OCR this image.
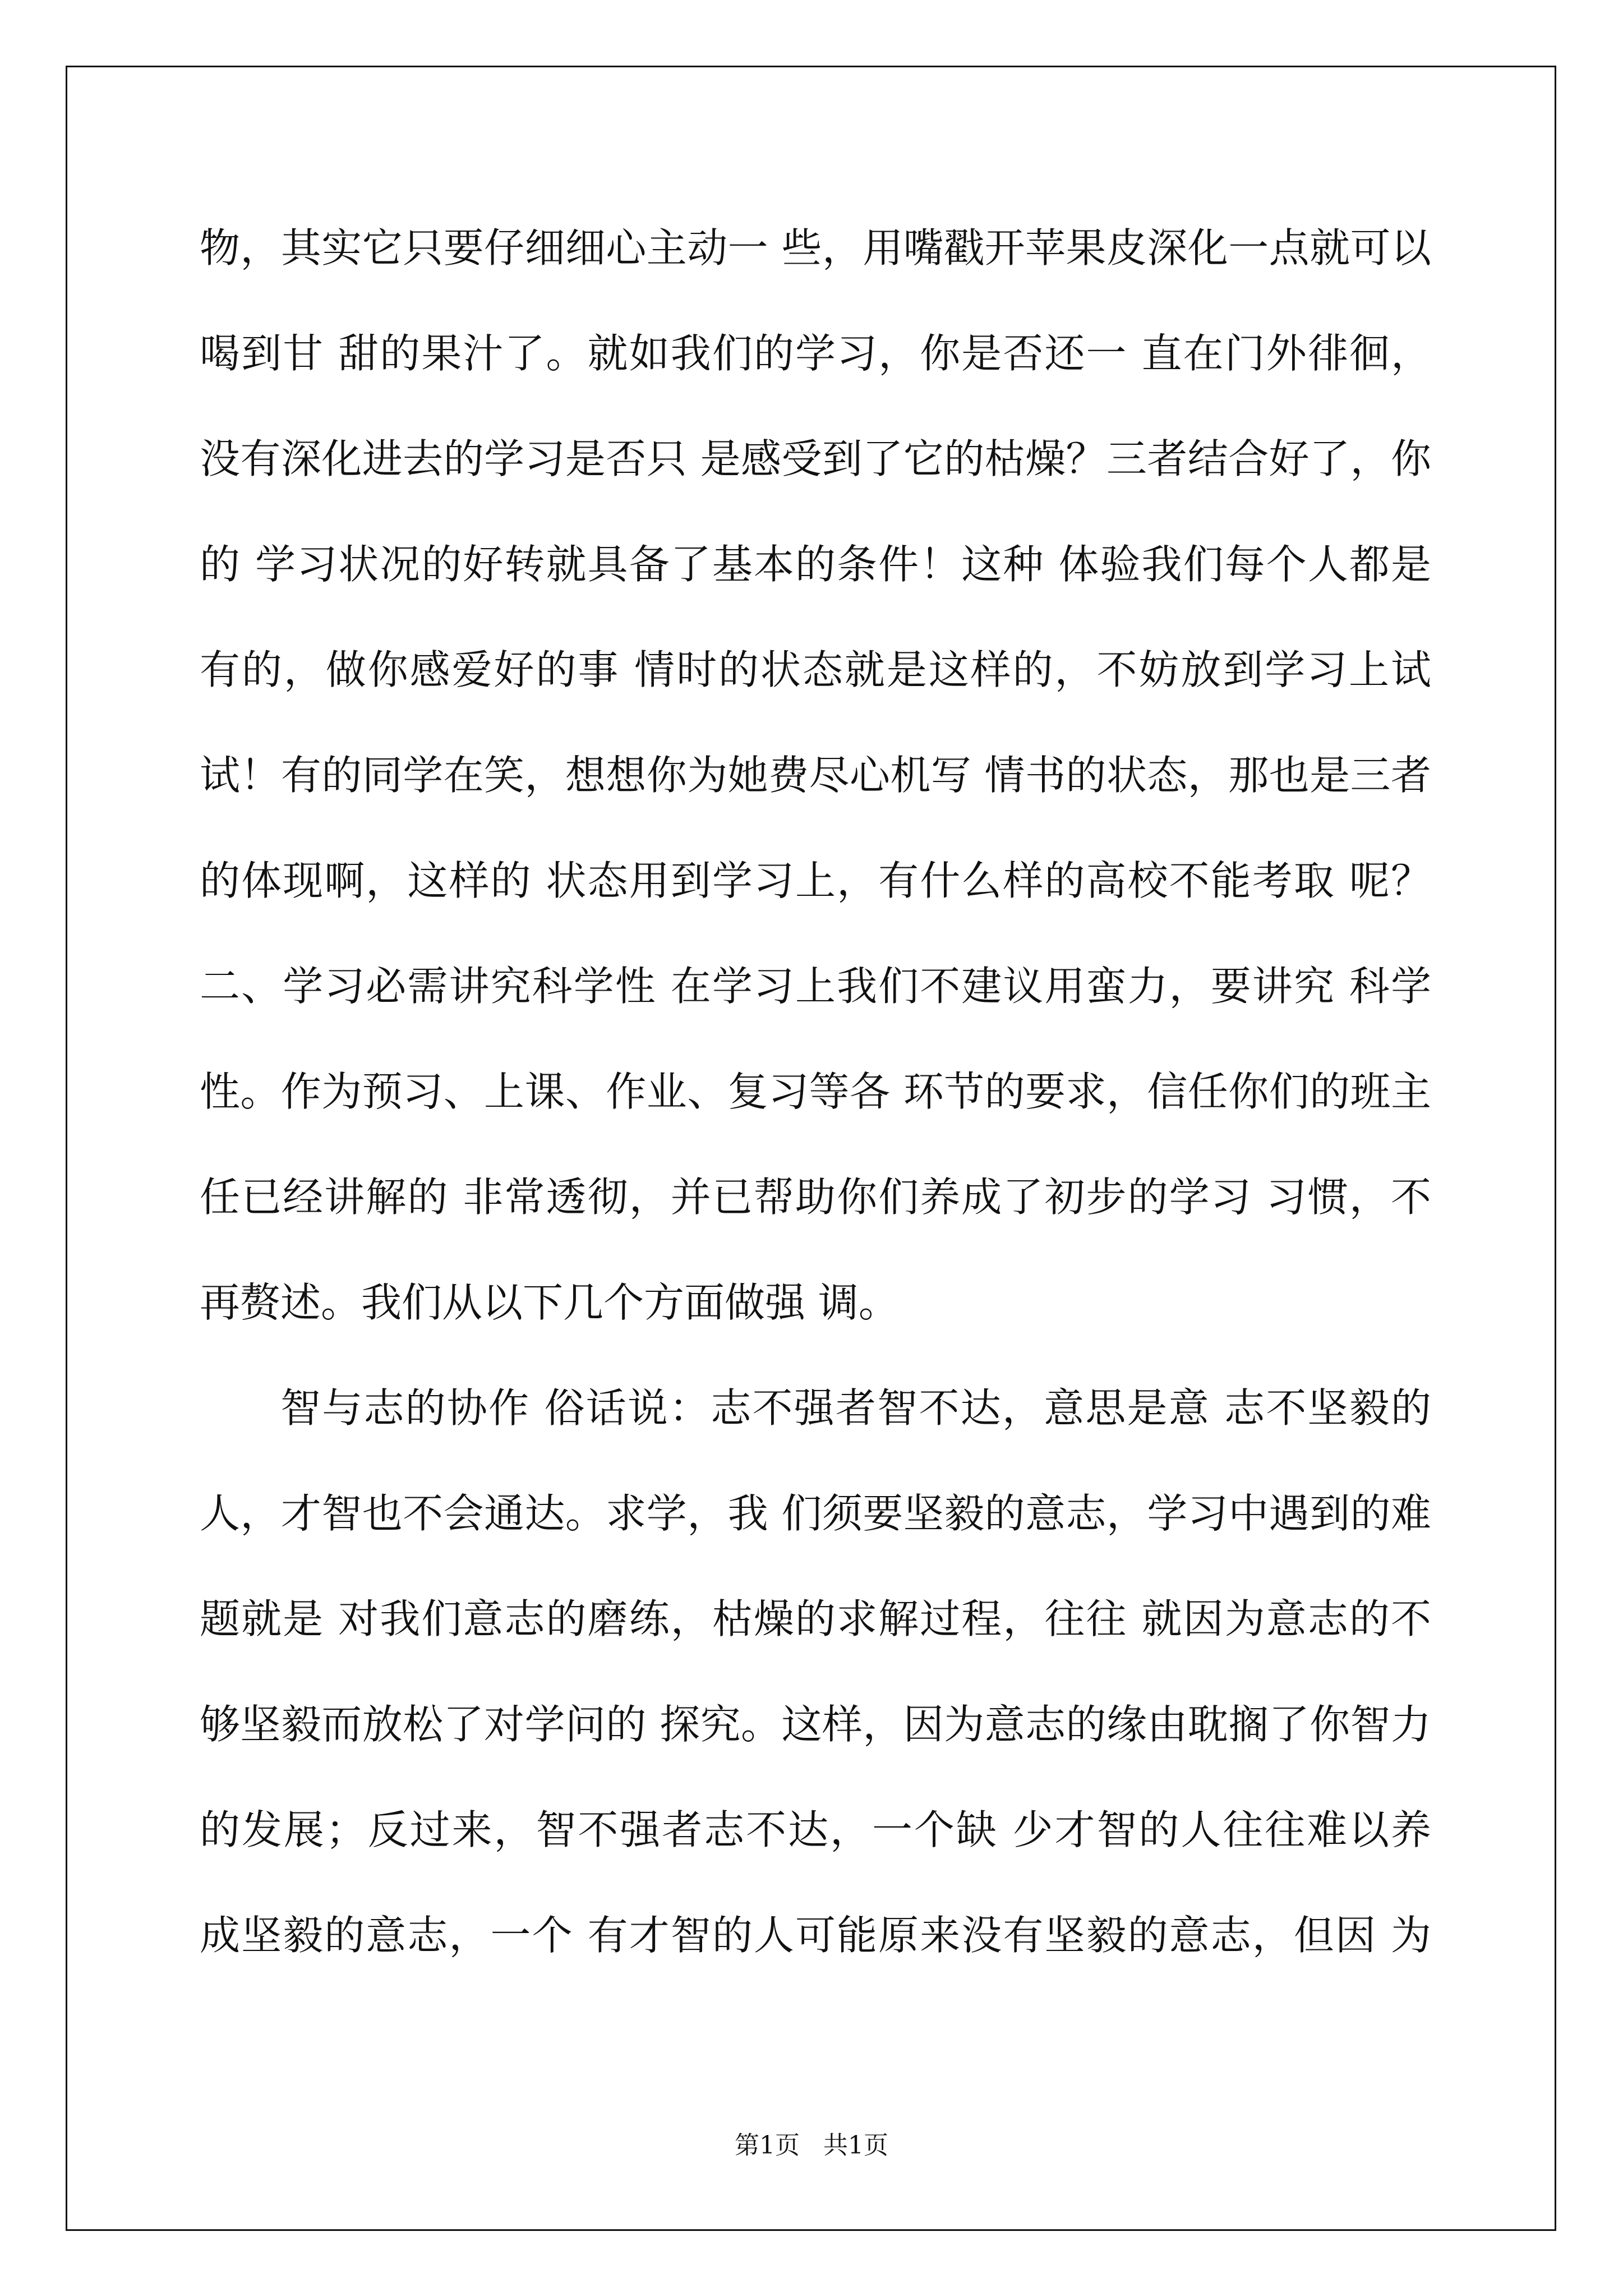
物，其实它只要仔细细心主动一 些，用嘴戳开苹果皮深化一点就可以
喝到甘 甜的果汁了。就如我们的学习，你是否还一 直在门外徘徊，
没有深化进去的学习是否只 是感受到了它的枯燥？三者结合好了，你
的 学习状况的好转就具备了基本的条件！这种 体验我们每个人都是
有的，做你感爱好的事 情时的状态就是这样的，不妨放到学习上试
试！有的同学在笑，想想你为她费尽心机写 情书的状态，那也是三者
的体现啊，这样的 状态用到学习上，有什么样的高校不能考取 呢？
二、学习必需讲究科学性 在学习上我们不建议用蛮力，要讲究 科学
性。作为预习、上课、作业、复习等各 环节的要求，信任你们的班主
任已经讲解的 非常透彻，并已帮助你们养成了初步的学习 习惯，不
再赘述。我们从以下几个方面做强 调。
智与志的协作 俗话说：志不强者智不达，意思是意 志不坚毅的
人，才智也不会通达。求学，我 们须要坚毅的意志，学习中遇到的难
题就是 对我们意志的磨练，枯燥的求解过程，往往 就因为意志的不
够坚毅而放松了对学问的 探究。这样，因为意志的缘由耽搁了你智力
的发展；反过来，智不强者志不达，一个缺 少才智的人往往难以养
成坚毅的意志，一个 有才智的人可能原来没有坚毅的意志，但因 为
第1页   共1页
